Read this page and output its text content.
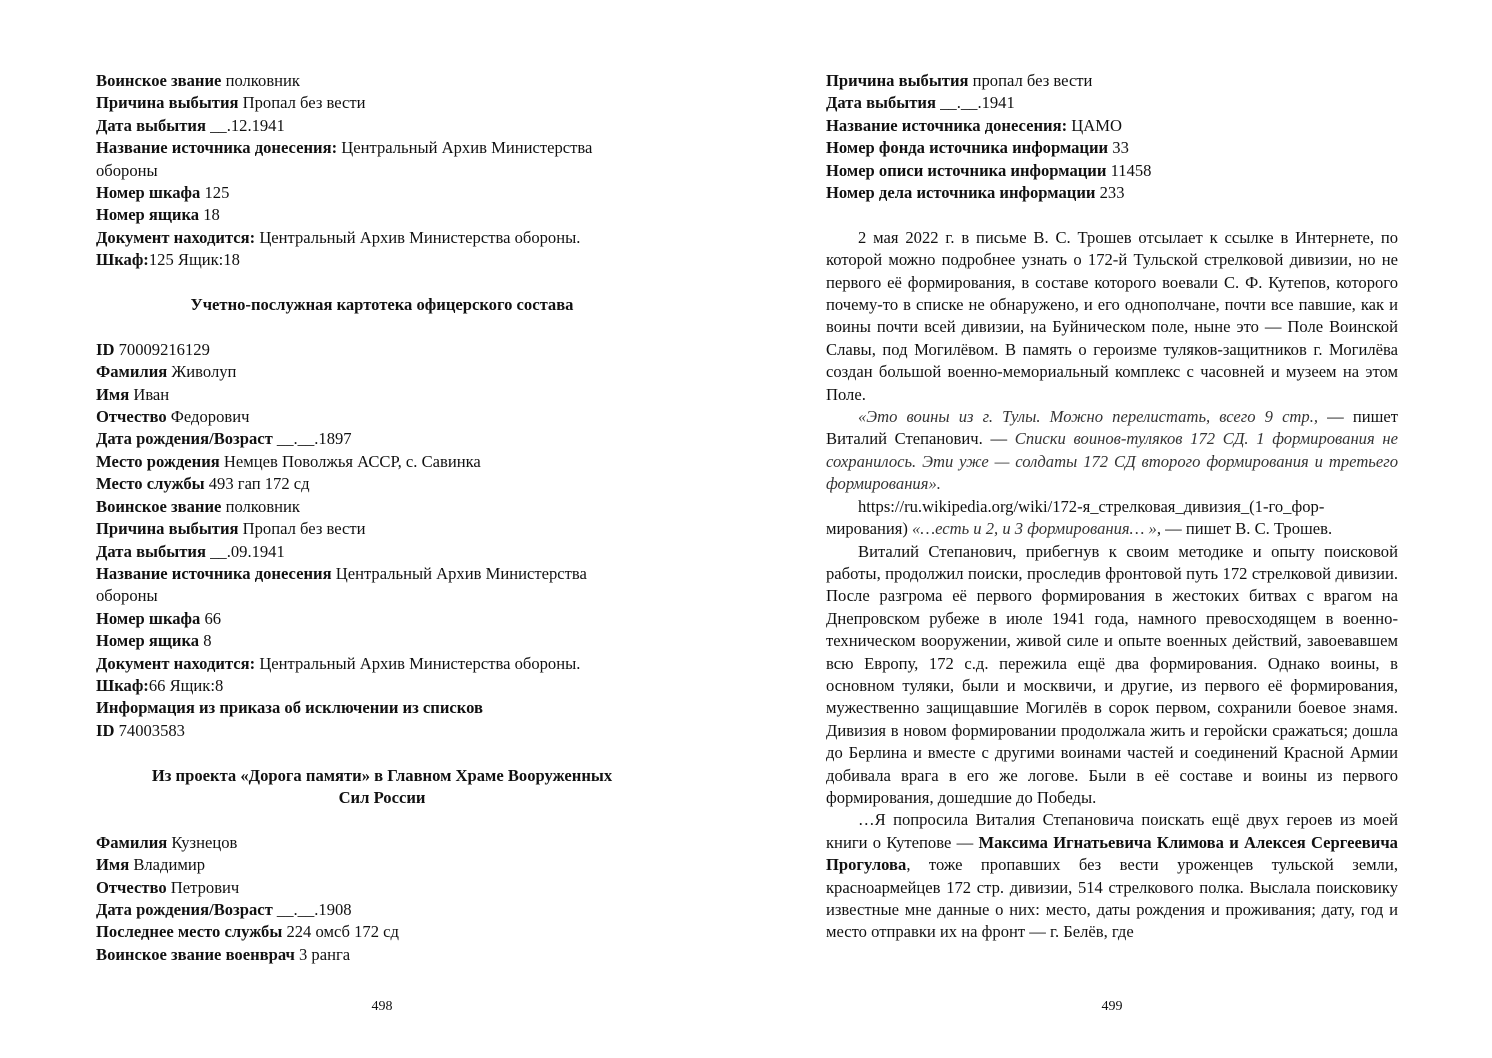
Воинское звание полковник
Причина выбытия Пропал без вести
Дата выбытия __.12.1941
Название источника донесения: Центральный Архив Министерства
обороны
Номер шкафа 125
Номер ящика 18
Документ находится: Центральный Архив Министерства обороны.
Шкаф:125 Ящик:18
Учетно-послужная картотека офицерского состава
ID 70009216129
Фамилия Живолуп
Имя Иван
Отчество Федорович
Дата рождения/Возраст __.__.1897
Место рождения Немцев Поволжья АССР, с. Савинка
Место службы 493 гап 172 сд
Воинское звание полковник
Причина выбытия Пропал без вести
Дата выбытия __.09.1941
Название источника донесения Центральный Архив Министерства
обороны
Номер шкафа 66
Номер ящика 8
Документ находится: Центральный Архив Министерства обороны.
Шкаф:66 Ящик:8
Информация из приказа об исключении из списков
ID 74003583
Из проекта «Дорога памяти» в Главном Храме Вооруженных
Сил России
Фамилия Кузнецов
Имя Владимир
Отчество Петрович
Дата рождения/Возраст __.__.1908
Последнее место службы 224 омсб 172 сд
Воинское звание военврач 3 ранга
498
Причина выбытия пропал без вести
Дата выбытия __.__.1941
Название источника донесения: ЦАМО
Номер фонда источника информации 33
Номер описи источника информации 11458
Номер дела источника информации 233
2 мая 2022 г. в письме В. С. Трошев отсылает к ссылке в Интернете, по которой можно подробнее узнать о 172-й Тульской стрелковой дивизии, но не первого её формирования, в составе которого воевали С. Ф. Кутепов, которого почему-то в списке не обнаружено, и его однополчане, почти все павшие, как и воины почти всей дивизии, на Буйническом поле, ныне это — Поле Воинской Славы, под Могилёвом. В память о героизме туляков-защитников г. Могилёва создан большой военно-мемориальный комплекс с часовней и музеем на этом Поле.
«Это воины из г. Тулы. Можно перелистать, всего 9 стр., — пишет Виталий Степанович. — Списки воинов-туляков 172 СД. 1 формирования не сохранилось. Эти уже — солдаты 172 СД второго формирования и третьего формирования».
https://ru.wikipedia.org/wiki/172-я_стрелковая_дивизия_(1-го_формирования) «…есть и 2, и 3 формирования… », — пишет В. С. Трошев.
Виталий Степанович, прибегнув к своим методике и опыту поисковой работы, продолжил поиски, проследив фронтовой путь 172 стрелковой дивизии. После разгрома её первого формирования в жестоких битвах с врагом на Днепровском рубеже в июле 1941 года, намного превосходящем в военно-техническом вооружении, живой силе и опыте военных действий, завоевавшем всю Европу, 172 с.д. пережила ещё два формирования. Однако воины, в основном туляки, были и москвичи, и другие, из первого её формирования, мужественно защищавшие Могилёв в сорок первом, сохранили боевое знамя. Дивизия в новом формировании продолжала жить и геройски сражаться; дошла до Берлина и вместе с другими воинами частей и соединений Красной Армии добивала врага в его же логове. Были в её составе и воины из первого формирования, дошедшие до Победы.
…Я попросила Виталия Степановича поискать ещё двух героев из моей книги о Кутепове — Максима Игнатьевича Климова и Алексея Сергеевича Прогулова, тоже пропавших без вести уроженцев тульской земли, красноармейцев 172 стр. дивизии, 514 стрелкового полка. Выслала поисковику известные мне данные о них: место, даты рождения и проживания; дату, год и место отправки их на фронт — г. Белёв, где
499
